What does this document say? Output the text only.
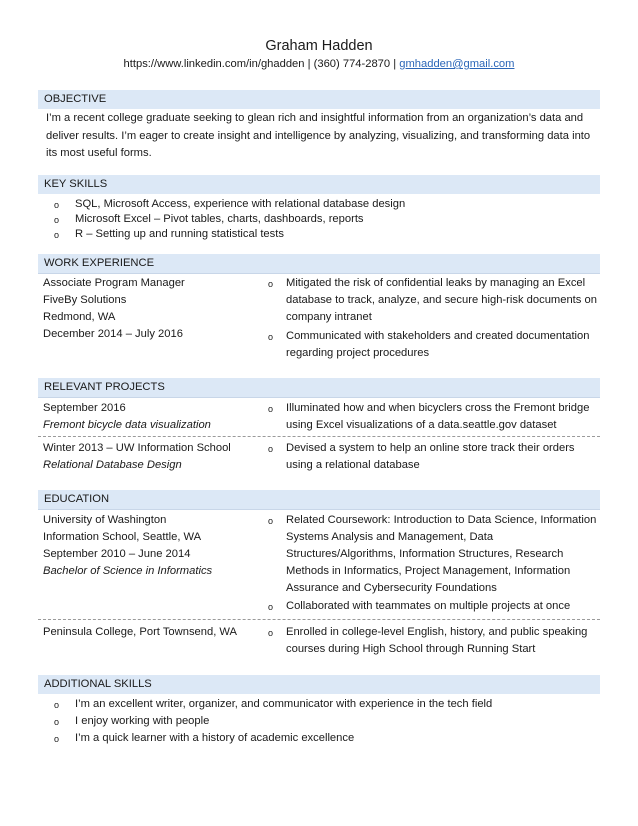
Graham Hadden
https://www.linkedin.com/in/ghadden | (360) 774-2870 | gmhadden@gmail.com
OBJECTIVE
I’m a recent college graduate seeking to glean rich and insightful information from an organization’s data and deliver results. I’m eager to create insight and intelligence by analyzing, visualizing, and transforming data into its most useful forms.
KEY SKILLS
o SQL, Microsoft Access, experience with relational database design
o Microsoft Excel – Pivot tables, charts, dashboards, reports
o R – Setting up and running statistical tests
WORK EXPERIENCE
Associate Program Manager
FiveBy Solutions
Redmond, WA
December 2014 – July 2016
o Mitigated the risk of confidential leaks by managing an Excel database to track, analyze, and secure high-risk documents on company intranet
o Communicated with stakeholders and created documentation regarding project procedures
RELEVANT PROJECTS
September 2016
Fremont bicycle data visualization
o Illuminated how and when bicyclers cross the Fremont bridge using Excel visualizations of a data.seattle.gov dataset
Winter 2013 – UW Information School
Relational Database Design
o Devised a system to help an online store track their orders using a relational database
EDUCATION
University of Washington
Information School, Seattle, WA
September 2010 – June 2014
Bachelor of Science in Informatics
o Related Coursework: Introduction to Data Science, Information Systems Analysis and Management, Data Structures/Algorithms, Information Structures, Research Methods in Informatics, Project Management, Information Assurance and Cybersecurity Foundations
o Collaborated with teammates on multiple projects at once
Peninsula College, Port Townsend, WA	o Enrolled in college-level English, history, and public speaking courses during High School through Running Start
ADDITIONAL SKILLS
o I’m an excellent writer, organizer, and communicator with experience in the tech field
o I enjoy working with people
o I’m a quick learner with a history of academic excellence
